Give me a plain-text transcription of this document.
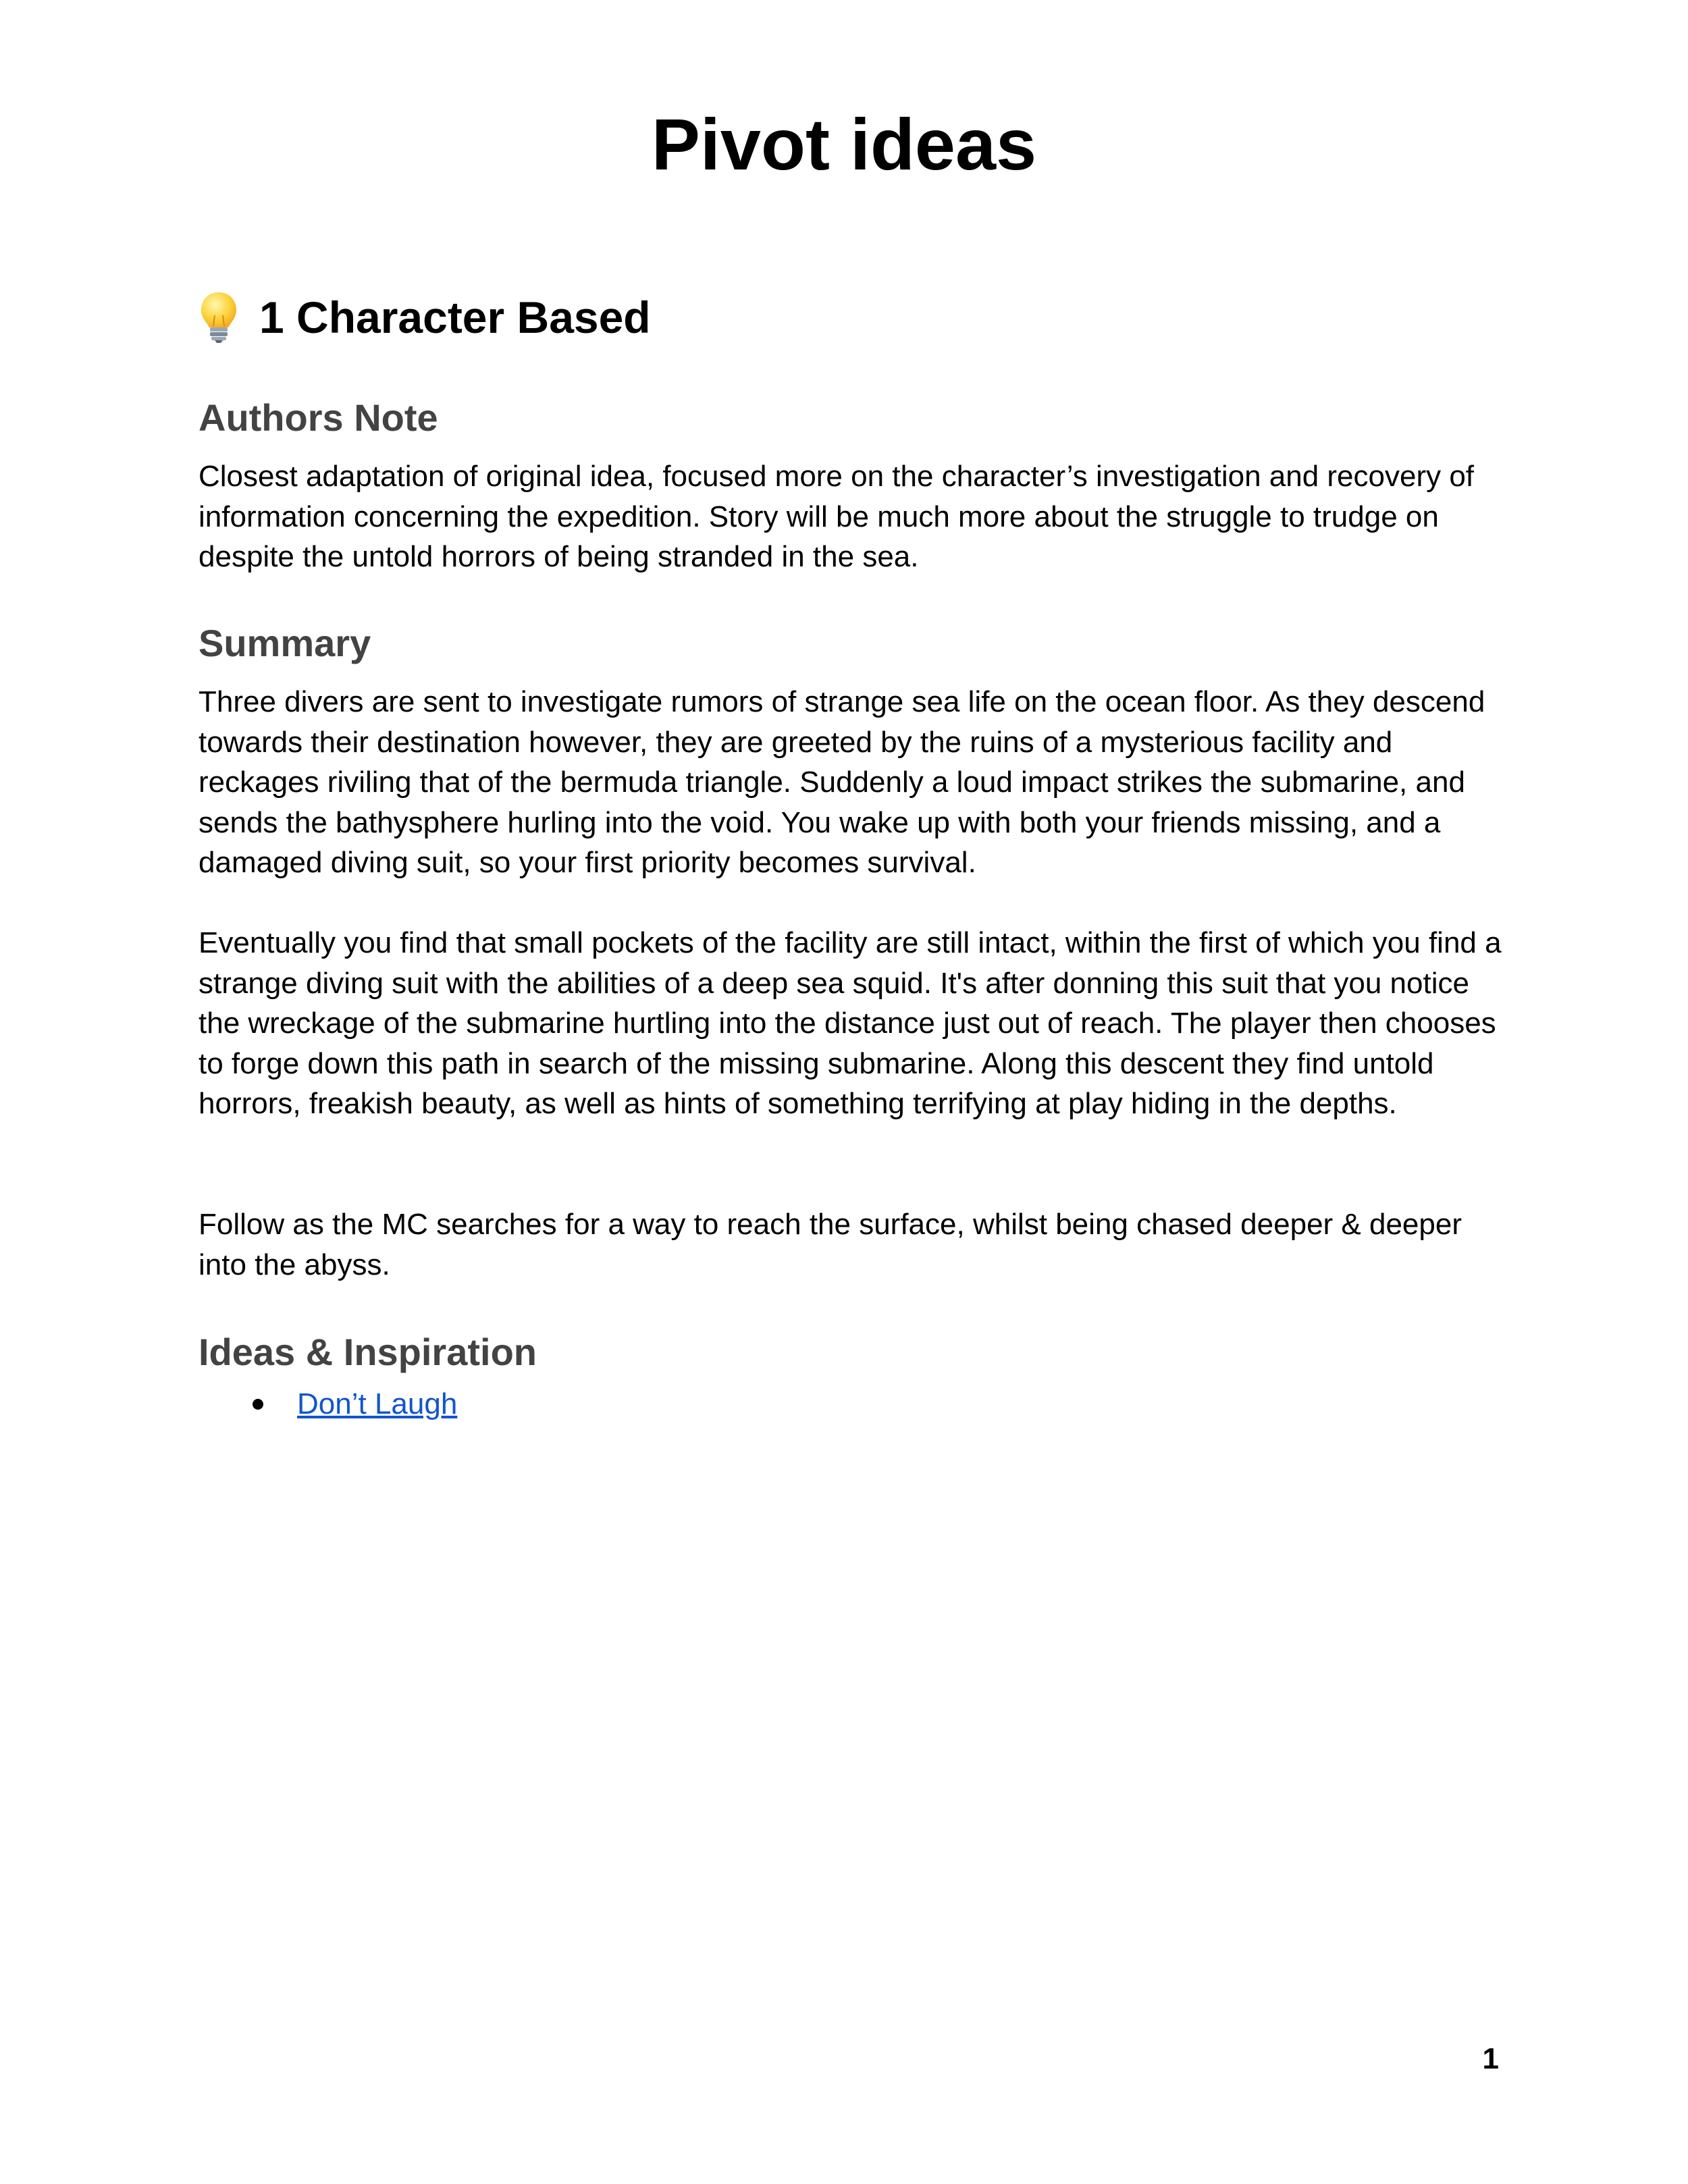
Pivot ideas
1 Character Based
Authors Note

Closest adaptation of original idea, focused more on the character’s investigation and recovery of information concerning the expedition. Story will be much more about the struggle to trudge on despite the untold horrors of being stranded in the sea.

Summary

Three divers are sent to investigate rumors of strange sea life on the ocean floor. As they descend towards their destination however, they are greeted by the ruins of a mysterious facility and reckages riviling that of the bermuda triangle. Suddenly a loud impact strikes the submarine, and sends the bathysphere hurling into the void. You wake up with both your friends missing, and a damaged diving suit, so your first priority becomes survival.

Eventually you find that small pockets of the facility are still intact, within the first of which you find a strange diving suit with the abilities of a deep sea squid. It's after donning this suit that you notice the wreckage of the submarine hurtling into the distance just out of reach. The player then chooses to forge down this path in search of the missing submarine. Along this descent they find untold horrors, freakish beauty, as well as hints of something terrifying at play hiding in the depths.

Follow as the MC searches for a way to reach the surface, whilst being chased deeper & deeper into the abyss.

Ideas & Inspiration
Don’t Laugh
1
